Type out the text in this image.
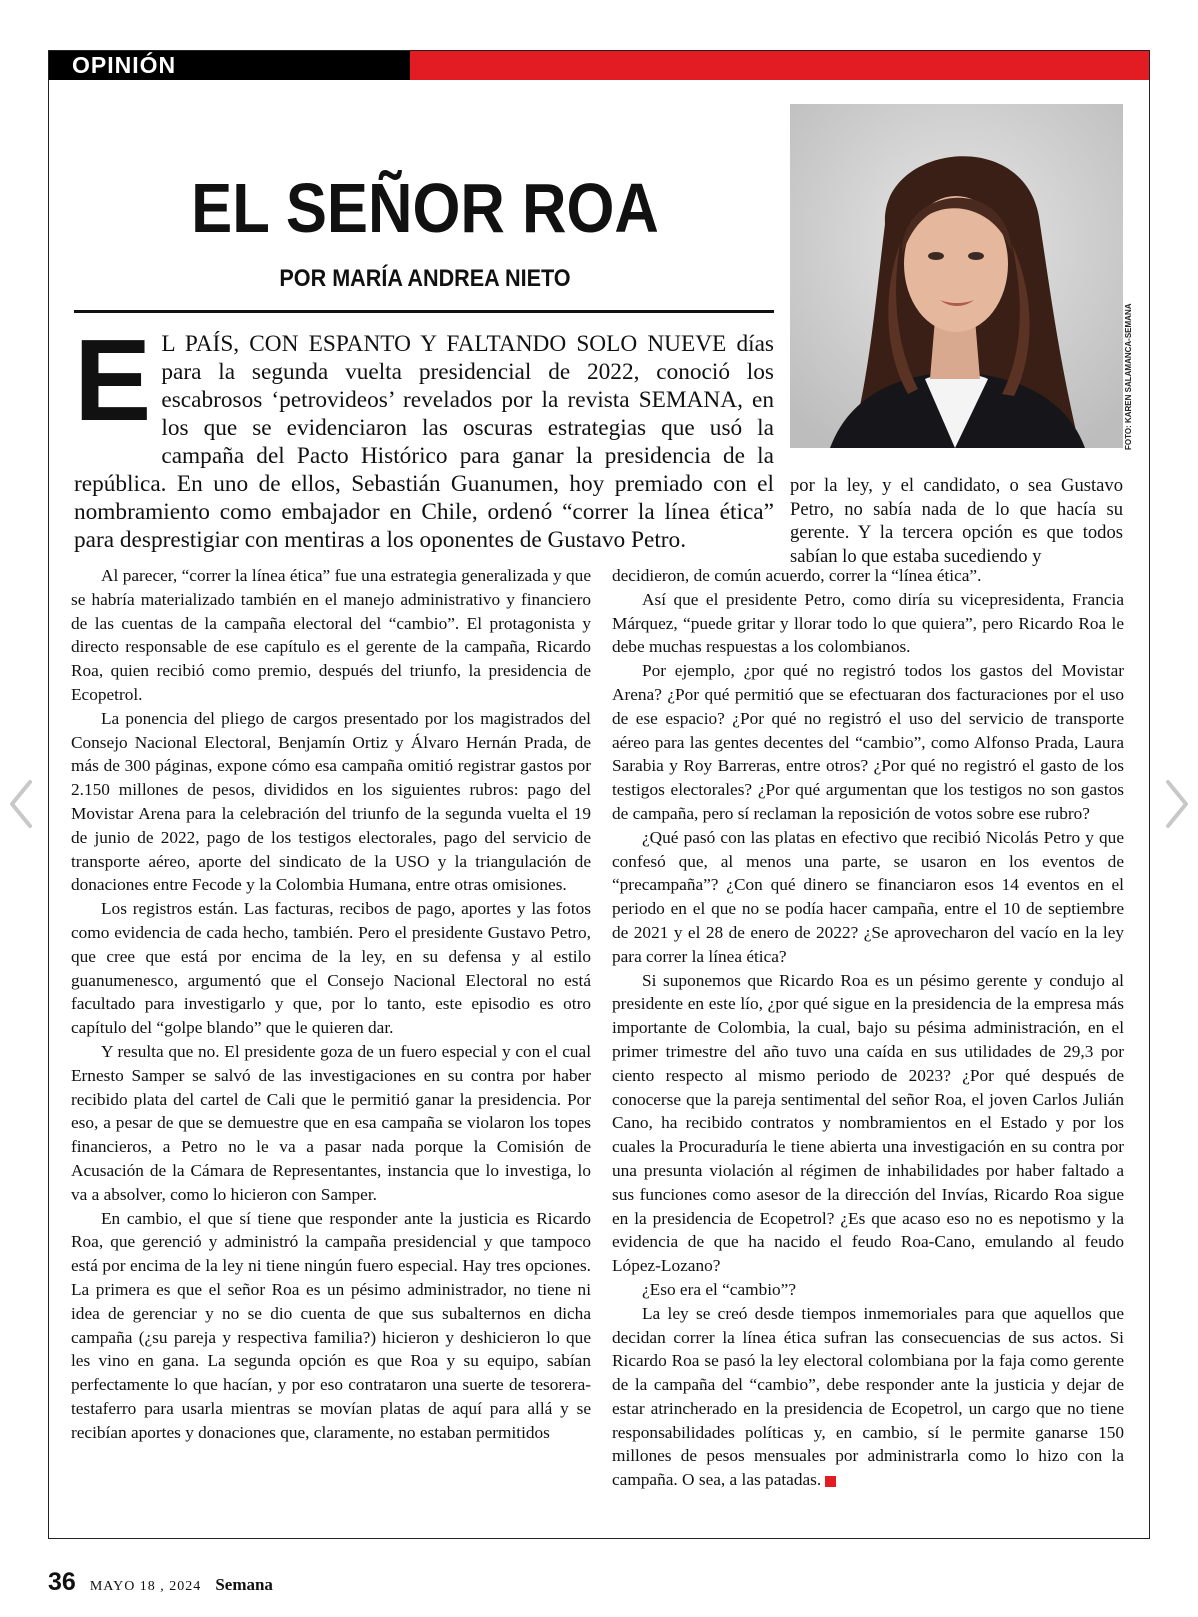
OPINIÓN
EL SEÑOR ROA
POR MARÍA ANDREA NIETO
FOTO: KAREN SALAMANCA-SEMANA

E L PAÍS, CON ESPANTO Y FALTANDO SOLO NUEVE días para la segunda vuelta presidencial de 2022, conoció los escabrosos ‘petrovideos’ revelados por la revista SEMANA, en los que se evidenciaron las oscuras estrategias que usó la campaña del Pacto Histórico para ganar la presidencia de la república. En uno de ellos, Sebastián Guanumen, hoy premiado con el nombramiento como embajador en Chile, ordenó “correr la línea ética” para desprestigiar con mentiras a los oponentes de Gustavo Petro.

por la ley, y el candidato, o sea Gustavo Petro, no sabía nada de lo que hacía su gerente. Y la tercera opción es que todos sabían lo que estaba sucediendo y

Al parecer, “correr la línea ética” fue una estrategia generalizada y que se habría materializado también en el manejo administrativo y financiero de las cuentas de la campaña electoral del “cambio”. El protagonista y directo responsable de ese capítulo es el gerente de la campaña, Ricardo Roa, quien recibió como premio, después del triunfo, la presidencia de Ecopetrol.

La ponencia del pliego de cargos presentado por los magistrados del Consejo Nacional Electoral, Benjamín Ortiz y Álvaro Hernán Prada, de más de 300 páginas, expone cómo esa campaña omitió registrar gastos por 2.150 millones de pesos, divididos en los siguientes rubros: pago del Movistar Arena para la celebración del triunfo de la segunda vuelta el 19 de junio de 2022, pago de los testigos electorales, pago del servicio de transporte aéreo, aporte del sindicato de la USO y la triangulación de donaciones entre Fecode y la Colombia Humana, entre otras omisiones.

Los registros están. Las facturas, recibos de pago, aportes y las fotos como evidencia de cada hecho, también. Pero el presidente Gustavo Petro, que cree que está por encima de la ley, en su defensa y al estilo guanumenesco, argumentó que el Consejo Nacional Electoral no está facultado para investigarlo y que, por lo tanto, este episodio es otro capítulo del “golpe blando” que le quieren dar.

Y resulta que no. El presidente goza de un fuero especial y con el cual Ernesto Samper se salvó de las investigaciones en su contra por haber recibido plata del cartel de Cali que le permitió ganar la presidencia. Por eso, a pesar de que se demuestre que en esa campaña se violaron los topes financieros, a Petro no le va a pasar nada porque la Comisión de Acusación de la Cámara de Representantes, instancia que lo investiga, lo va a absolver, como lo hicieron con Samper.

En cambio, el que sí tiene que responder ante la justicia es Ricardo Roa, que gerenció y administró la campaña presidencial y que tampoco está por encima de la ley ni tiene ningún fuero especial. Hay tres opciones. La primera es que el señor Roa es un pésimo administrador, no tiene ni idea de gerenciar y no se dio cuenta de que sus subalternos en dicha campaña (¿su pareja y respectiva familia?) hicieron y deshicieron lo que les vino en gana. La segunda opción es que Roa y su equipo, sabían perfectamente lo que hacían, y por eso contrataron una suerte de tesorera-testaferro para usarla mientras se movían platas de aquí para allá y se recibían aportes y donaciones que, claramente, no estaban permitidos

decidieron, de común acuerdo, correr la “línea ética”.

Así que el presidente Petro, como diría su vicepresidenta, Francia Márquez, “puede gritar y llorar todo lo que quiera”, pero Ricardo Roa le debe muchas respuestas a los colombianos.

Por ejemplo, ¿por qué no registró todos los gastos del Movistar Arena? ¿Por qué permitió que se efectuaran dos facturaciones por el uso de ese espacio? ¿Por qué no registró el uso del servicio de transporte aéreo para las gentes decentes del “cambio”, como Alfonso Prada, Laura Sarabia y Roy Barreras, entre otros? ¿Por qué no registró el gasto de los testigos electorales? ¿Por qué argumentan que los testigos no son gastos de campaña, pero sí reclaman la reposición de votos sobre ese rubro?

¿Qué pasó con las platas en efectivo que recibió Nicolás Petro y que confesó que, al menos una parte, se usaron en los eventos de “precampaña”? ¿Con qué dinero se financiaron esos 14 eventos en el periodo en el que no se podía hacer campaña, entre el 10 de septiembre de 2021 y el 28 de enero de 2022? ¿Se aprovecharon del vacío en la ley para correr la línea ética?

Si suponemos que Ricardo Roa es un pésimo gerente y condujo al presidente en este lío, ¿por qué sigue en la presidencia de la empresa más importante de Colombia, la cual, bajo su pésima administración, en el primer trimestre del año tuvo una caída en sus utilidades de 29,3 por ciento respecto al mismo periodo de 2023? ¿Por qué después de conocerse que la pareja sentimental del señor Roa, el joven Carlos Julián Cano, ha recibido contratos y nombramientos en el Estado y por los cuales la Procuraduría le tiene abierta una investigación en su contra por una presunta violación al régimen de inhabilidades por haber faltado a sus funciones como asesor de la dirección del Invías, Ricardo Roa sigue en la presidencia de Ecopetrol? ¿Es que acaso eso no es nepotismo y la evidencia de que ha nacido el feudo Roa-Cano, emulando al feudo López-Lozano?

¿Eso era el “cambio”?

La ley se creó desde tiempos inmemoriales para que aquellos que decidan correr la línea ética sufran las consecuencias de sus actos. Si Ricardo Roa se pasó la ley electoral colombiana por la faja como gerente de la campaña del “cambio”, debe responder ante la justicia y dejar de estar atrincherado en la presidencia de Ecopetrol, un cargo que no tiene responsabilidades políticas y, en cambio, sí le permite ganarse 150 millones de pesos mensuales por administrarla como lo hizo con la campaña. O sea, a las patadas.

36 MAYO 18 , 2024 Semana
